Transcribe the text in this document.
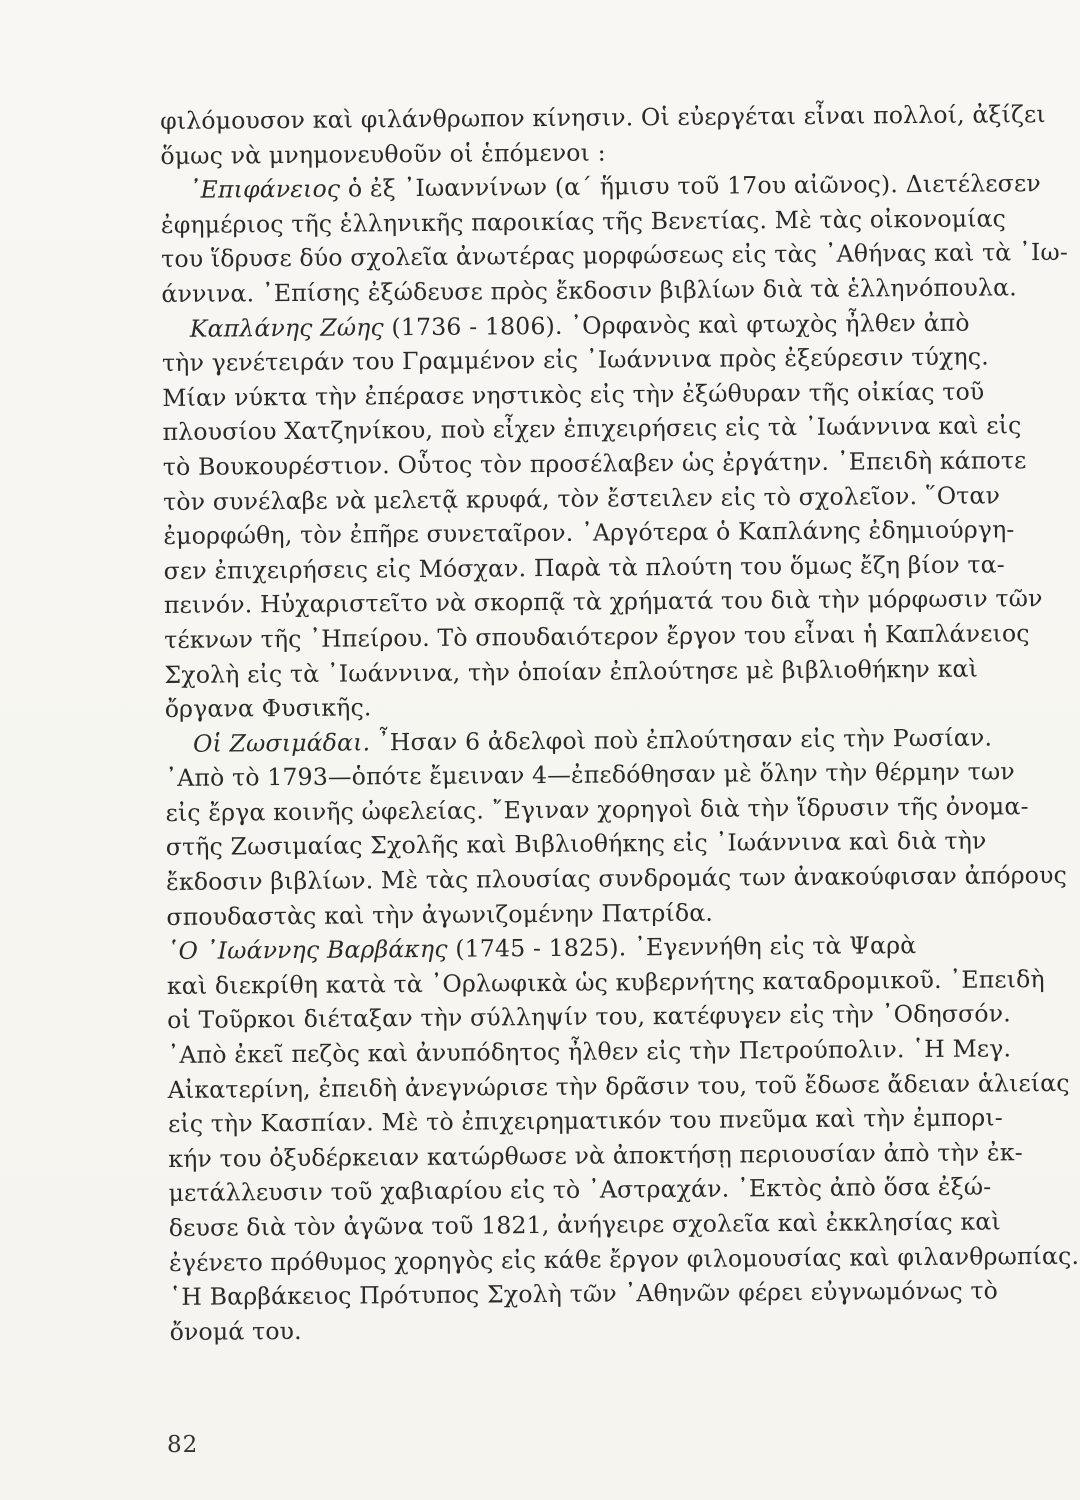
φιλόμουσον καὶ φιλάνθρωπον κίνησιν. Οἱ εὐεργέται εἶναι πολλοί, ἀξίζει
ὅμως νὰ μνημονευθοῦν οἱ ἑπόμενοι :
᾿Επιφάνειος ὁ ἐξ ᾿Ιωαννίνων (α΄ ἥμισυ τοῦ 17ου αἰῶνος). Διετέλεσεν
ἐφημέριος τῆς ἑλληνικῆς παροικίας τῆς Βενετίας. Μὲ τὰς οἰκονομίας
του ἵδρυσε δύο σχολεῖα ἀνωτέρας μορφώσεως εἰς τὰς ᾿Αθήνας καὶ τὰ ᾿Ιω-
άννινα. ᾿Επίσης ἐξώδευσε πρὸς ἔκδοσιν βιβλίων διὰ τὰ ἑλληνόπουλα.
Καπλάνης Ζώης (1736 - 1806). ᾿Ορφανὸς καὶ φτωχὸς ἦλθεν ἀπὸ
τὴν γενέτειράν του Γραμμένον εἰς ᾿Ιωάννινα πρὸς ἐξεύρεσιν τύχης.
Μίαν νύκτα τὴν ἐπέρασε νηστικὸς εἰς τὴν ἐξώθυραν τῆς οἰκίας τοῦ
πλουσίου Χατζηνίκου, ποὺ εἶχεν ἐπιχειρήσεις εἰς τὰ ᾿Ιωάννινα καὶ εἰς
τὸ Βουκουρέστιον. Οὗτος τὸν προσέλαβεν ὡς ἐργάτην. ᾿Επειδὴ κάποτε
τὸν συνέλαβε νὰ μελετᾷ κρυφά, τὸν ἔστειλεν εἰς τὸ σχολεῖον. ῞Οταν
ἐμορφώθη, τὸν ἐπῆρε συνεταῖρον. ᾿Αργότερα ὁ Καπλάνης ἐδημιούργη-
σεν ἐπιχειρήσεις εἰς Μόσχαν. Παρὰ τὰ πλούτη του ὅμως ἔζη βίον τα-
πεινόν. Ηὐχαριστεῖτο νὰ σκορπᾷ τὰ χρήματά του διὰ τὴν μόρφωσιν τῶν
τέκνων τῆς ᾿Ηπείρου. Τὸ σπουδαιότερον ἔργον του εἶναι ἡ Καπλάνειος
Σχολὴ εἰς τὰ ᾿Ιωάννινα, τὴν ὁποίαν ἐπλούτησε μὲ βιβλιοθήκην καὶ
ὄργανα Φυσικῆς.
Οἱ Ζωσιμάδαι. ῏Ησαν 6 ἀδελφοὶ ποὺ ἐπλούτησαν εἰς τὴν Ρωσίαν.
᾿Απὸ τὸ 1793—ὁπότε ἔμειναν 4—ἐπεδόθησαν μὲ ὅλην τὴν θέρμην των
εἰς ἔργα κοινῆς ὠφελείας. ῎Εγιναν χορηγοὶ διὰ τὴν ἵδρυσιν τῆς ὀνομα-
στῆς Ζωσιμαίας Σχολῆς καὶ Βιβλιοθήκης εἰς ᾿Ιωάννινα καὶ διὰ τὴν
ἔκδοσιν βιβλίων. Μὲ τὰς πλουσίας συνδρομάς των ἀνακούφισαν ἀπόρους
σπουδαστὰς καὶ τὴν ἀγωνιζομένην Πατρίδα.
῾Ο ᾿Ιωάννης Βαρβάκης (1745 - 1825). ᾿Εγεννήθη εἰς τὰ Ψαρὰ
καὶ διεκρίθη κατὰ τὰ ᾿Ορλωφικὰ ὡς κυβερνήτης καταδρομικοῦ. ᾿Επειδὴ
οἱ Τοῦρκοι διέταξαν τὴν σύλληψίν του, κατέφυγεν εἰς τὴν ᾿Οδησσόν.
᾿Απὸ ἐκεῖ πεζὸς καὶ ἀνυπόδητος ἦλθεν εἰς τὴν Πετρούπολιν. ῾Η Μεγ.
Αἰκατερίνη, ἐπειδὴ ἀνεγνώρισε τὴν δρᾶσιν του, τοῦ ἔδωσε ἄδειαν ἁλιείας
εἰς τὴν Κασπίαν. Μὲ τὸ ἐπιχειρηματικόν του πνεῦμα καὶ τὴν ἐμπορι-
κήν του ὀξυδέρκειαν κατώρθωσε νὰ ἀποκτήσῃ περιουσίαν ἀπὸ τὴν ἐκ-
μετάλλευσιν τοῦ χαβιαρίου εἰς τὸ ᾿Αστραχάν. ᾿Εκτὸς ἀπὸ ὅσα ἐξώ-
δευσε διὰ τὸν ἀγῶνα τοῦ 1821, ἀνήγειρε σχολεῖα καὶ ἐκκλησίας καὶ
ἐγένετο πρόθυμος χορηγὸς εἰς κάθε ἔργον φιλομουσίας καὶ φιλανθρωπίας.
῾Η Βαρβάκειος Πρότυπος Σχολὴ τῶν ᾿Αθηνῶν φέρει εὐγνωμόνως τὸ
ὄνομά του.
82
